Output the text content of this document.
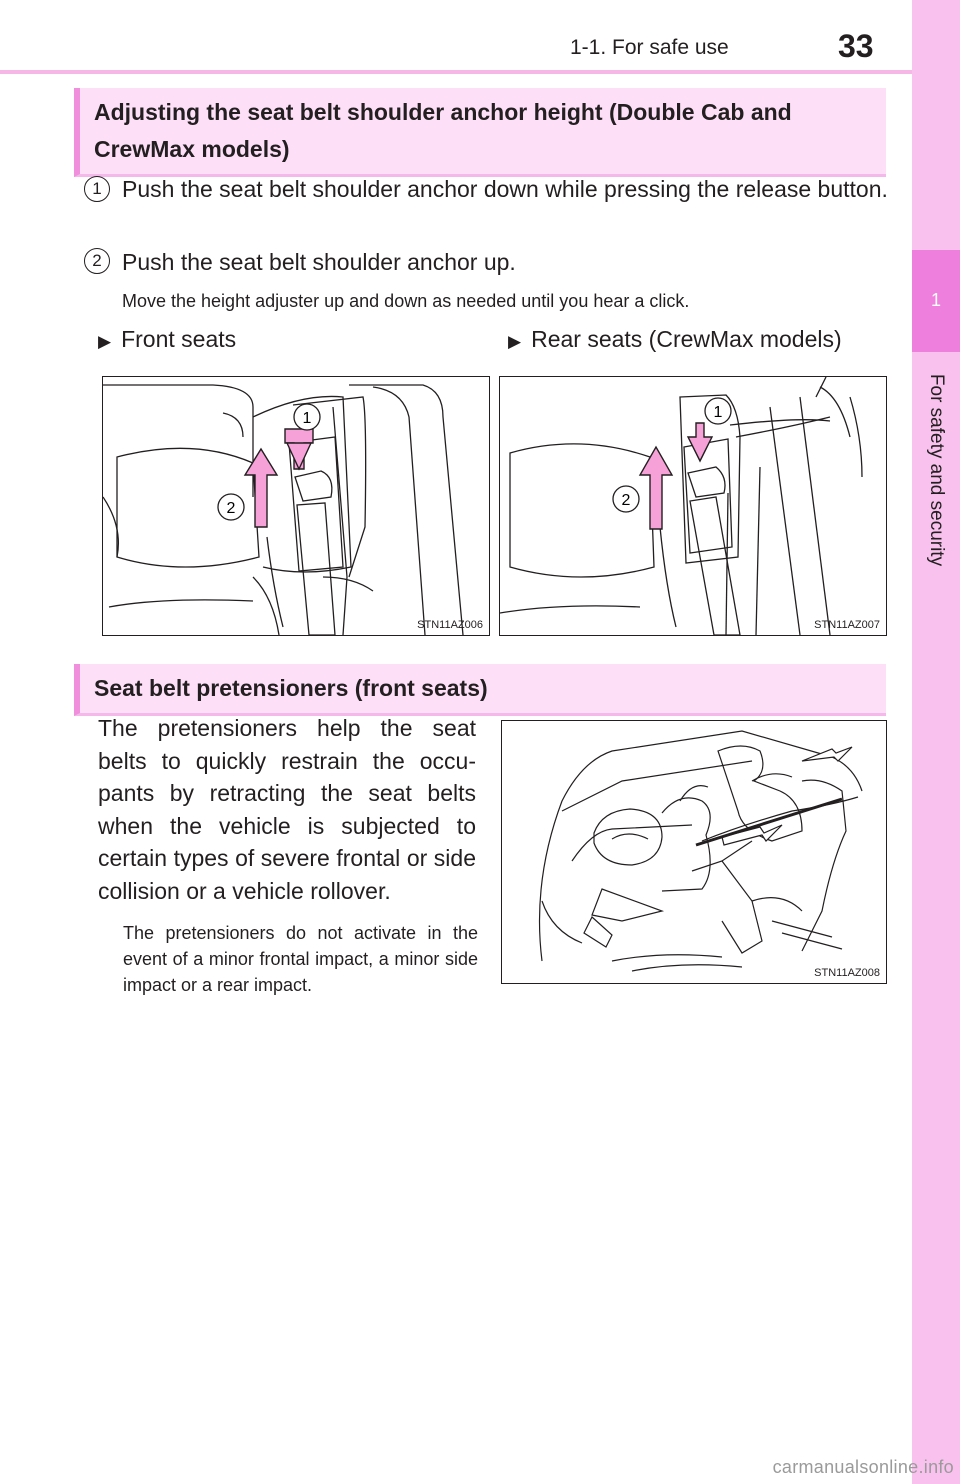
1-1. For safe use	33
1
For safety and security
Adjusting the seat belt shoulder anchor height (Double Cab and CrewMax models)
1 Push the seat belt shoulder anchor down while pressing the release button.
2 Push the seat belt shoulder anchor up.
Move the height adjuster up and down as needed until you hear a click.
▶ Front seats	▶ Rear seats (CrewMax models)
1
2
STN11AZ006
1
2
STN11AZ007
Seat belt pretensioners (front seats)
The pretensioners help the seat belts to quickly restrain the occu-pants by retracting the seat belts when the vehicle is subjected to certain types of severe frontal or side collision or a vehicle rollover.
The pretensioners do not activate in the event of a minor frontal impact, a minor side impact or a rear impact.
STN11AZ008
carmanualsonline.info
